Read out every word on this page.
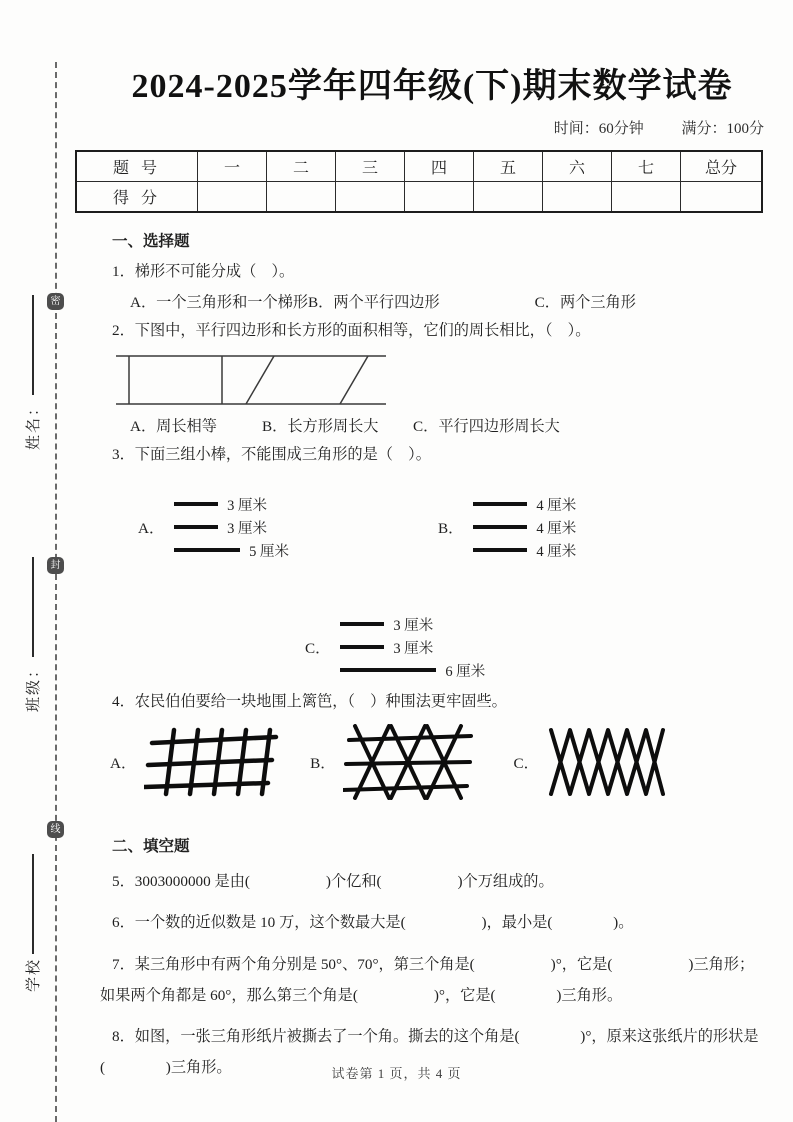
密
封
线
姓名：
班级：
学校
2024-2025学年四年级(下)期末数学试卷
时间：60分钟	满分：100分
题 号	一	二	三	四	五	六	七	总分
得 分								
一、选择题

1．梯形不可能分成（　）。

A．一个三角形和一个梯形B．两个平行四边形	C．两个三角形

2．下图中，平行四边形和长方形的面积相等，它们的周长相比，（　）。

A．周长相等	B．长方形周长大	C．平行四边形周长大

3．下面三组小棒，不能围成三角形的是（　）。

A．
3 厘米
3 厘米
5 厘米
B．
4 厘米
4 厘米
4 厘米
C．
3 厘米
3 厘米
6 厘米

4．农民伯伯要给一块地围上篱笆，（　）种围法更牢固些。

A．	B．	C．
二、填空题

5．3003000000 是由(　　　　　)个亿和(　　　　　)个万组成的。

6．一个数的近似数是 10 万，这个数最大是(　　　　　)，最小是(　　　　)。

7．某三角形中有两个角分别是 50°、70°，第三个角是(　　　　　)°，它是(　　　　　)三角形；如果两个角都是 60°，那么第三个角是(　　　　　)°，它是(　　　　)三角形。

8．如图，一张三角形纸片被撕去了一个角。撕去的这个角是(　　　　)°，原来这张纸片的形状是(　　　　)三角形。	试卷第 1 页，共 4 页
